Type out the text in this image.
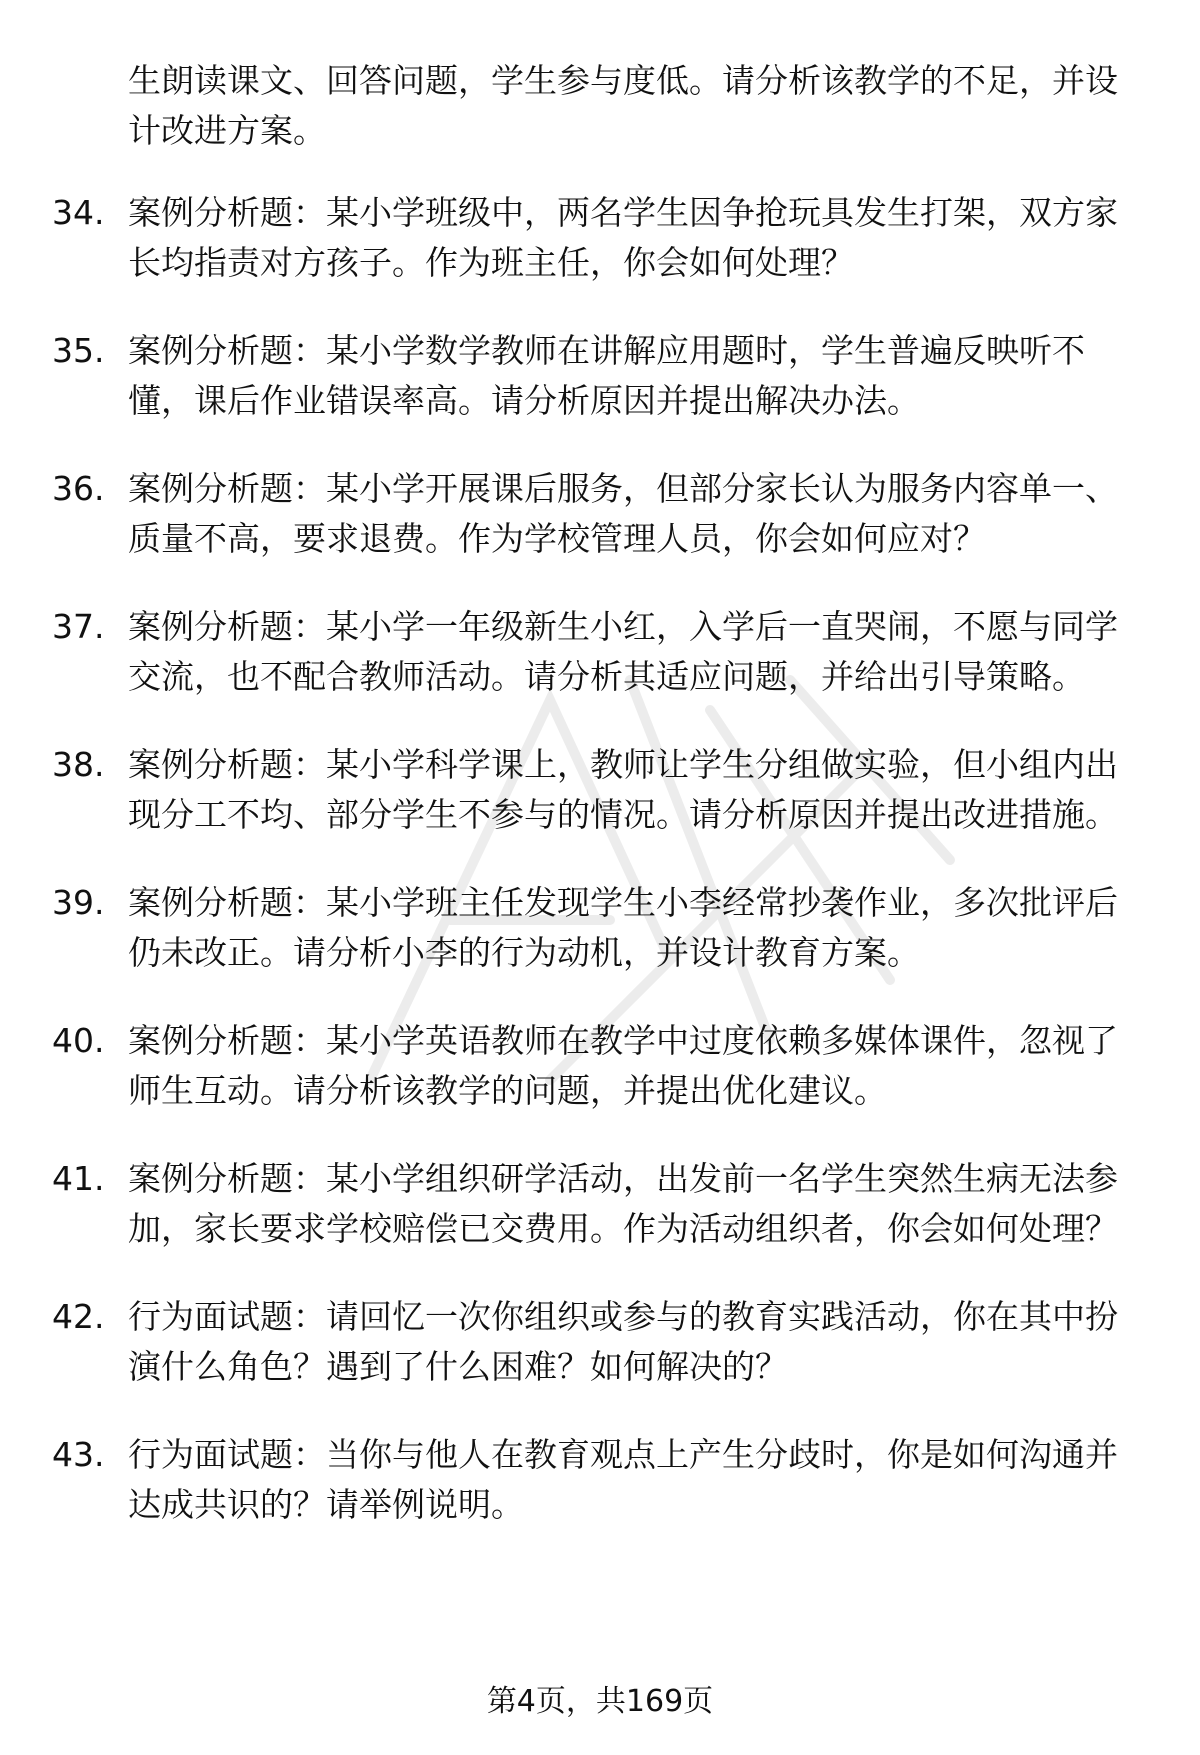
生朗读课文、回答问题，学生参与度低。请分析该教学的不足，并设计改进方案。
34. 案例分析题：某小学班级中，两名学生因争抢玩具发生打架，双方家长均指责对方孩子。作为班主任，你会如何处理？
35. 案例分析题：某小学数学教师在讲解应用题时，学生普遍反映听不懂，课后作业错误率高。请分析原因并提出解决办法。
36. 案例分析题：某小学开展课后服务，但部分家长认为服务内容单一、质量不高，要求退费。作为学校管理人员，你会如何应对？
37. 案例分析题：某小学一年级新生小红，入学后一直哭闹，不愿与同学交流，也不配合教师活动。请分析其适应问题，并给出引导策略。
38. 案例分析题：某小学科学课上，教师让学生分组做实验，但小组内出现分工不均、部分学生不参与的情况。请分析原因并提出改进措施。
39. 案例分析题：某小学班主任发现学生小李经常抄袭作业，多次批评后仍未改正。请分析小李的行为动机，并设计教育方案。
40. 案例分析题：某小学英语教师在教学中过度依赖多媒体课件，忽视了师生互动。请分析该教学的问题，并提出优化建议。
41. 案例分析题：某小学组织研学活动，出发前一名学生突然生病无法参加，家长要求学校赔偿已交费用。作为活动组织者，你会如何处理？
42. 行为面试题：请回忆一次你组织或参与的教育实践活动，你在其中扮演什么角色？遇到了什么困难？如何解决的？
43. 行为面试题：当你与他人在教育观点上产生分歧时，你是如何沟通并达成共识的？请举例说明。
第4页，共169页
